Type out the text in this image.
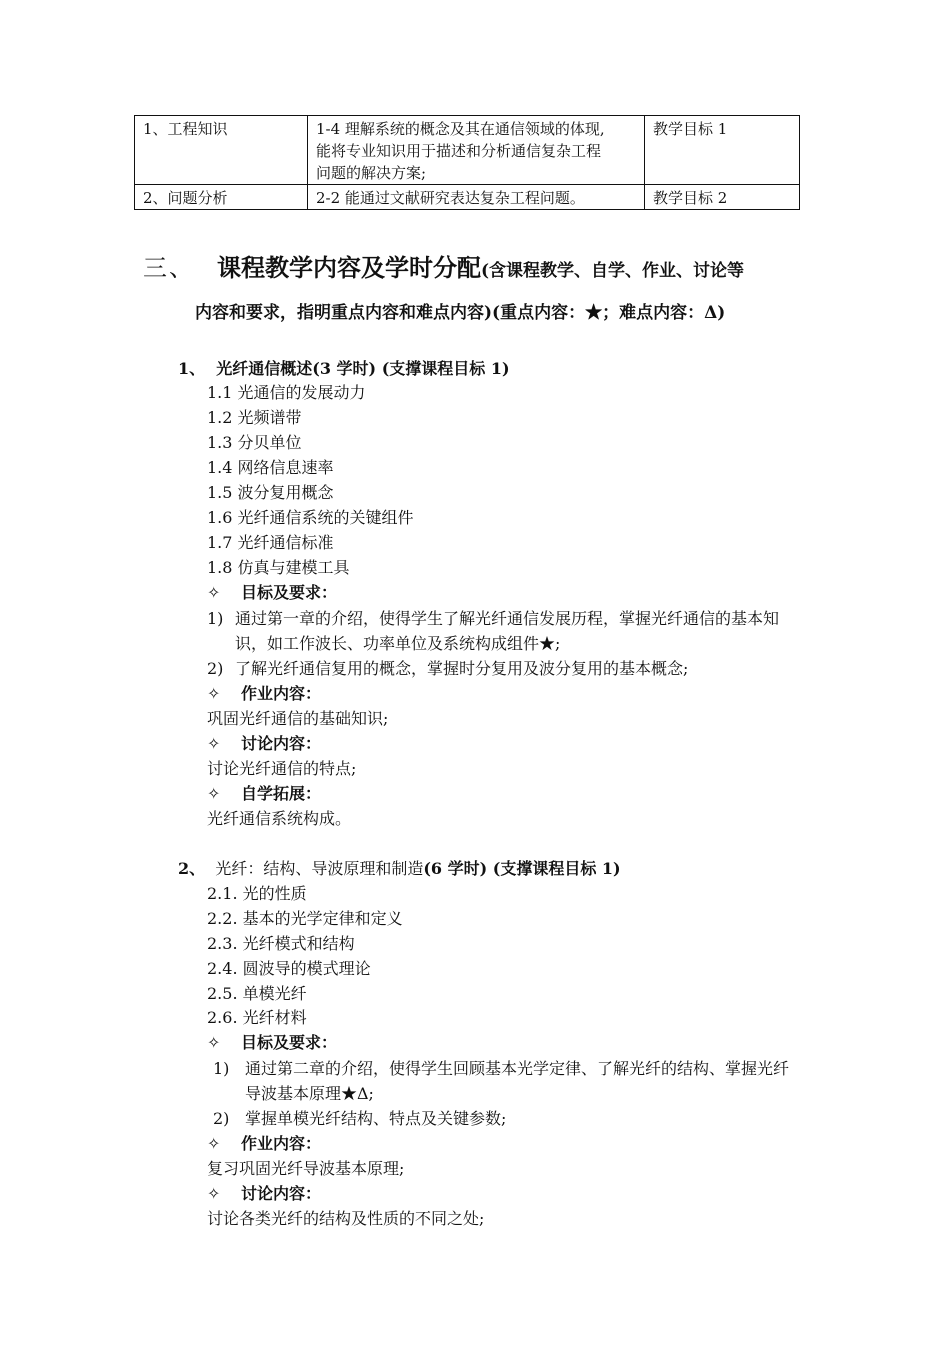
1、工程知识	1-4 理解系统的概念及其在通信领域的体现,
能将专业知识用于描述和分析通信复杂工程
问题的解决方案;	教学目标 1
2、问题分析	2-2 能通过文献研究表达复杂工程问题。	教学目标 2
三、 课程教学内容及学时分配(含课程教学、自学、作业、讨论等
内容和要求，指明重点内容和难点内容)(重点内容：★；难点内容：Δ)
1、 光纤通信概述(3 学时) (支撑课程目标 1)
1.1 光通信的发展动力
1.2 光频谱带
1.3 分贝单位
1.4 网络信息速率
1.5 波分复用概念
1.6 光纤通信系统的关键组件
1.7 光纤通信标准
1.8 仿真与建模工具
✧ 目标及要求：
1) 通过第一章的介绍，使得学生了解光纤通信发展历程，掌握光纤通信的基本知
识，如工作波长、功率单位及系统构成组件★;
2) 了解光纤通信复用的概念，掌握时分复用及波分复用的基本概念;
✧ 作业内容：
巩固光纤通信的基础知识;
✧ 讨论内容：
讨论光纤通信的特点;
✧ 自学拓展：
光纤通信系统构成。
2、 光纤：结构、导波原理和制造(6 学时) (支撑课程目标 1)
2.1. 光的性质
2.2. 基本的光学定律和定义
2.3. 光纤模式和结构
2.4. 圆波导的模式理论
2.5. 单模光纤
2.6. 光纤材料
✧ 目标及要求：
1) 通过第二章的介绍，使得学生回顾基本光学定律、了解光纤的结构、掌握光纤
导波基本原理★Δ;
2) 掌握单模光纤结构、特点及关键参数;
✧ 作业内容：
复习巩固光纤导波基本原理;
✧ 讨论内容：
讨论各类光纤的结构及性质的不同之处;
